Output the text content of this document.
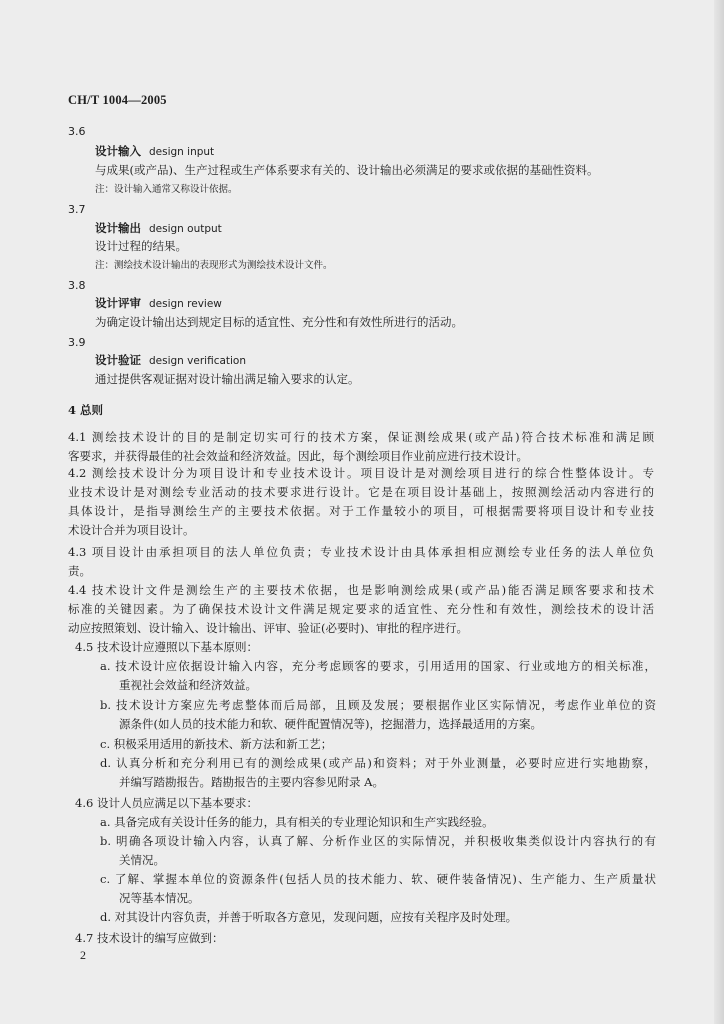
CH/T 1004—2005
3.6
设计输入 design input
与成果(或产品)、生产过程或生产体系要求有关的、设计输出必须满足的要求或依据的基础性资料。
注：设计输入通常又称设计依据。
3.7
设计输出 design output
设计过程的结果。
注：测绘技术设计输出的表现形式为测绘技术设计文件。
3.8
设计评审 design review
为确定设计输出达到规定目标的适宜性、充分性和有效性所进行的活动。
3.9
设计验证 design verification
通过提供客观证据对设计输出满足输入要求的认定。
4 总则
4.1 测绘技术设计的目的是制定切实可行的技术方案，保证测绘成果(或产品)符合技术标准和满足顾
客要求，并获得最佳的社会效益和经济效益。因此，每个测绘项目作业前应进行技术设计。
4.2 测绘技术设计分为项目设计和专业技术设计。项目设计是对测绘项目进行的综合性整体设计。专
业技术设计是对测绘专业活动的技术要求进行设计。它是在项目设计基础上，按照测绘活动内容进行的
具体设计，是指导测绘生产的主要技术依据。对于工作量较小的项目，可根据需要将项目设计和专业技
术设计合并为项目设计。
4.3 项目设计由承担项目的法人单位负责；专业技术设计由具体承担相应测绘专业任务的法人单位负
责。
4.4 技术设计文件是测绘生产的主要技术依据，也是影响测绘成果(或产品)能否满足顾客要求和技术
标准的关键因素。为了确保技术设计文件满足规定要求的适宜性、充分性和有效性，测绘技术的设计活
动应按照策划、设计输入、设计输出、评审、验证(必要时)、审批的程序进行。
4.5 技术设计应遵照以下基本原则：
a. 技术设计应依据设计输入内容，充分考虑顾客的要求，引用适用的国家、行业或地方的相关标准，
重视社会效益和经济效益。
b. 技术设计方案应先考虑整体而后局部，且顾及发展；要根据作业区实际情况，考虑作业单位的资
源条件(如人员的技术能力和软、硬件配置情况等)，挖掘潜力，选择最适用的方案。
c. 积极采用适用的新技术、新方法和新工艺；
d. 认真分析和充分利用已有的测绘成果(或产品)和资料；对于外业测量，必要时应进行实地勘察，
并编写踏勘报告。踏勘报告的主要内容参见附录 A。
4.6 设计人员应满足以下基本要求：
a. 具备完成有关设计任务的能力，具有相关的专业理论知识和生产实践经验。
b. 明确各项设计输入内容，认真了解、分析作业区的实际情况，并积极收集类似设计内容执行的有
关情况。
c. 了解、掌握本单位的资源条件(包括人员的技术能力、软、硬件装备情况)、生产能力、生产质量状
况等基本情况。
d. 对其设计内容负责，并善于听取各方意见，发现问题，应按有关程序及时处理。
4.7 技术设计的编写应做到：
2
